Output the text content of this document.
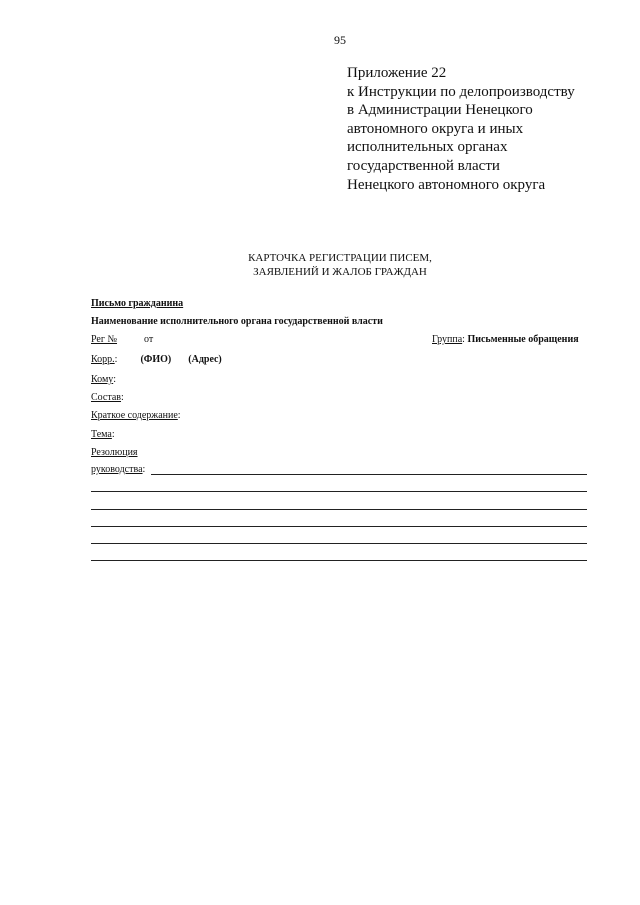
95
Приложение 22
к Инструкции по делопроизводству
в Администрации Ненецкого
автономного округа и иных
исполнительных органах
государственной власти
Ненецкого автономного округа
КАРТОЧКА РЕГИСТРАЦИИ ПИСЕМ,
ЗАЯВЛЕНИЙ И ЖАЛОБ ГРАЖДАН
Письмо гражданина
Наименование исполнительного органа государственной власти
Рег №	от	Группа: Письменные обращения
Корр.:  (ФИО) (Адрес)
Кому:
Состав:
Краткое содержание:
Тема:
Резолюция
руководства:
